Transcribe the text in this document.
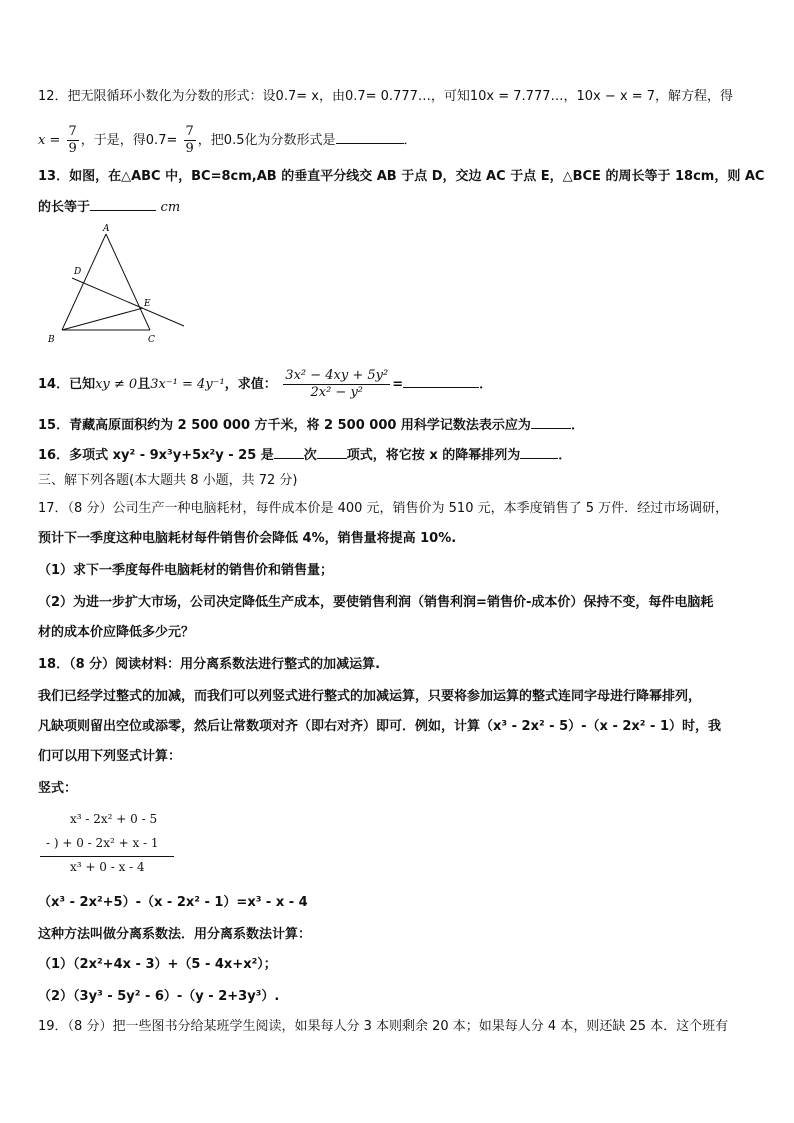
12．把无限循环小数化为分数的形式：设0.7= x，由0.7= 0.777…，可知10x = 7.777…，10x − x = 7，解方程，得
$x = \frac{7}{9}$ ，于是，得$0.7= \frac{7}{9}$ ，把0.5化为分数形式是	．
13．如图，在△ABC 中，BC=8cm,AB 的垂直平分线交 AB 于点 D，交边 AC 于点 E，△BCE 的周长等于 18cm，则 AC
的长等于	cm
A
D
E
B	C
14．已知xy ≠ 0且3x⁻¹ = 4y⁻¹，求值： $\frac{\text{3x² − 4xy + 5y²}}{\text{2x² − y²}}$ =	．
15．青藏高原面积约为 2 500 000 方千米，将 2 500 000 用科学记数法表示应为	．
16．多项式 xy² - 9x³y+5x²y - 25 是 次 项式，将它按 x 的降幂排列为	．
三、解下列各题(本大题共 8 小题，共 72 分)
17．（8 分）公司生产一种电脑耗材，每件成本价是 400 元，销售价为 510 元，本季度销售了 5 万件．经过市场调研，
预计下一季度这种电脑耗材每件销售价会降低 4%，销售量将提高 10%.
（1）求下一季度每件电脑耗材的销售价和销售量；
（2）为进一步扩大市场，公司决定降低生产成本，要使销售利润（销售利润=销售价-成本价）保持不变，每件电脑耗
材的成本价应降低多少元？
18．（8 分）阅读材料：用分离系数法进行整式的加减运算.
我们已经学过整式的加减，而我们可以列竖式进行整式的加减运算，只要将参加运算的整式连同字母进行降幂排列，
凡缺项则留出空位或添零，然后让常数项对齐（即右对齐）即可．例如，计算（x³ - 2x² - 5）-（x - 2x² - 1）时，我
们可以用下列竖式计算：
竖式：
x³ - 2x² + 0 - 5
- ) + 0 - 2x² + x - 1
x³ + 0 - x - 4
（x³ - 2x²+5）-（x - 2x² - 1）=x³ - x - 4
这种方法叫做分离系数法．用分离系数法计算：
（1）（2x²+4x - 3）+（5 - 4x+x²）；
（2）（3y³ - 5y² - 6）-（y - 2+3y³）.
19．（8 分）把一些图书分给某班学生阅读，如果每人分 3 本则剩余 20 本；如果每人分 4 本，则还缺 25 本．这个班有
